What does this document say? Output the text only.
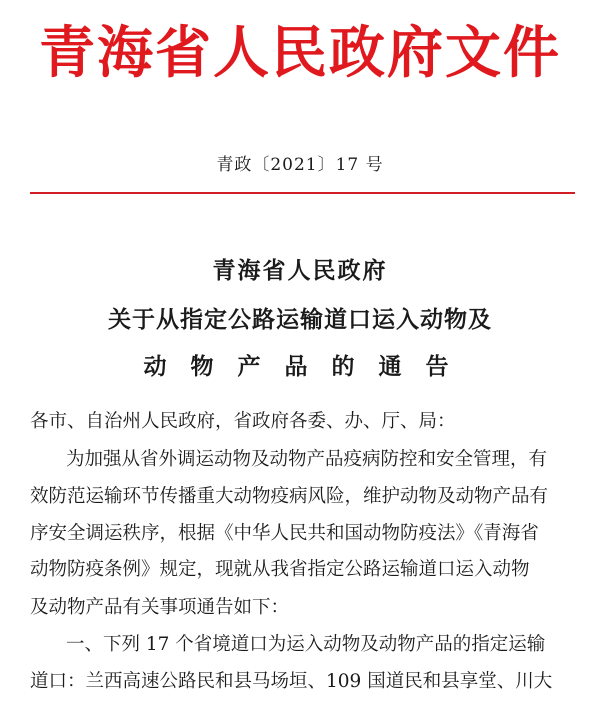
青海省人民政府文件
青政〔2021〕17 号
青海省人民政府
关于从指定公路运输道口运入动物及
动 物 产 品 的 通 告
各市、自治州人民政府，省政府各委、办、厅、局：
为加强从省外调运动物及动物产品疫病防控和安全管理，有
效防范运输环节传播重大动物疫病风险，维护动物及动物产品有
序安全调运秩序，根据《中华人民共和国动物防疫法》《青海省
动物防疫条例》规定，现就从我省指定公路运输道口运入动物
及动物产品有关事项通告如下：
一、下列 17 个省境道口为运入动物及动物产品的指定运输
道口：兰西高速公路民和县马场垣、109 国道民和县享堂、川大
